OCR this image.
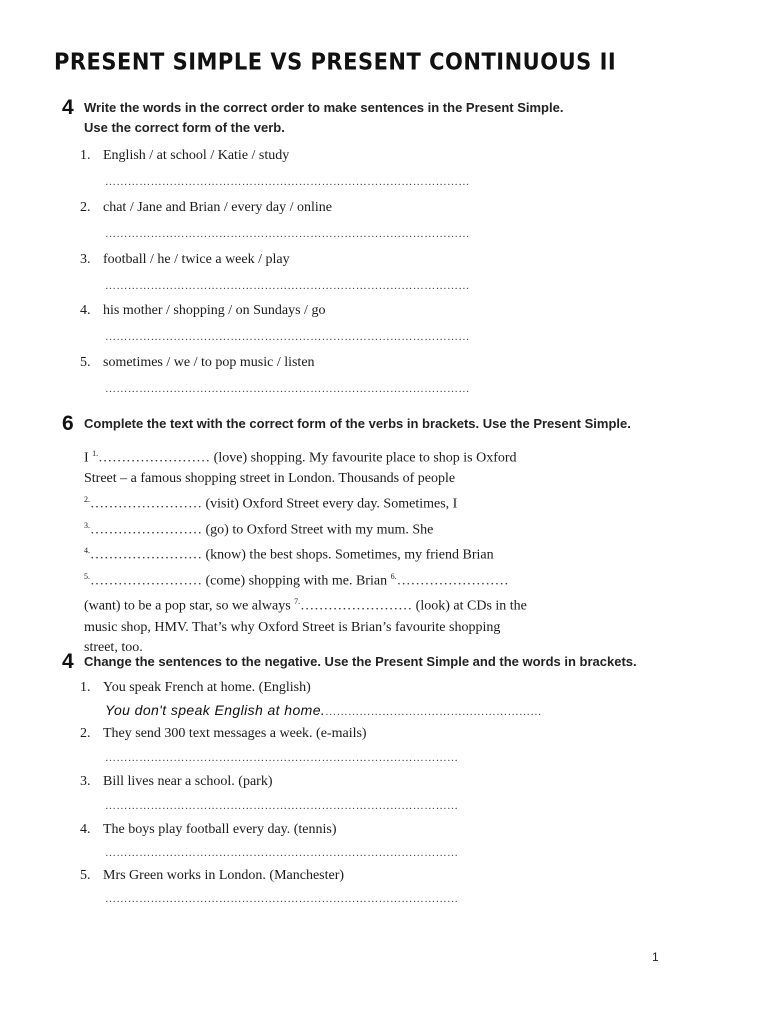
PRESENT SIMPLE VS PRESENT CONTINUOUS II
4 Write the words in the correct order to make sentences in the Present Simple.
Use the correct form of the verb.
1. English / at school / Katie / study
……………………………………………………………………………………
2. chat / Jane and Brian / every day / online
……………………………………………………………………………………
3. football / he / twice a week / play
……………………………………………………………………………………
4. his mother / shopping / on Sundays / go
……………………………………………………………………………………
5. sometimes / we / to pop music / listen
……………………………………………………………………………………
6 Complete the text with the correct form of the verbs in brackets. Use the Present Simple.
I $^{1.}$…………………… (love) shopping. My favourite place to shop is Oxford
Street – a famous shopping street in London. Thousands of people
$^{2.}$…………………… (visit) Oxford Street every day. Sometimes, I
$^{3.}$…………………… (go) to Oxford Street with my mum. She
$^{4.}$…………………… (know) the best shops. Sometimes, my friend Brian
$^{5.}$…………………… (come) shopping with me. Brian $^{6.}$……………………
(want) to be a pop star, so we always $^{7.}$…………………… (look) at CDs in the
music shop, HMV. That’s why Oxford Street is Brian’s favourite shopping
street, too.
4 Change the sentences to the negative. Use the Present Simple and the words in brackets.
1. You speak French at home. (English)
You don't speak English at home.…………………………………………………
2. They send 300 text messages a week. (e-mails)
…………………………………………………………………………………
3. Bill lives near a school. (park)
…………………………………………………………………………………
4. The boys play football every day. (tennis)
…………………………………………………………………………………
5. Mrs Green works in London. (Manchester)
…………………………………………………………………………………
1
